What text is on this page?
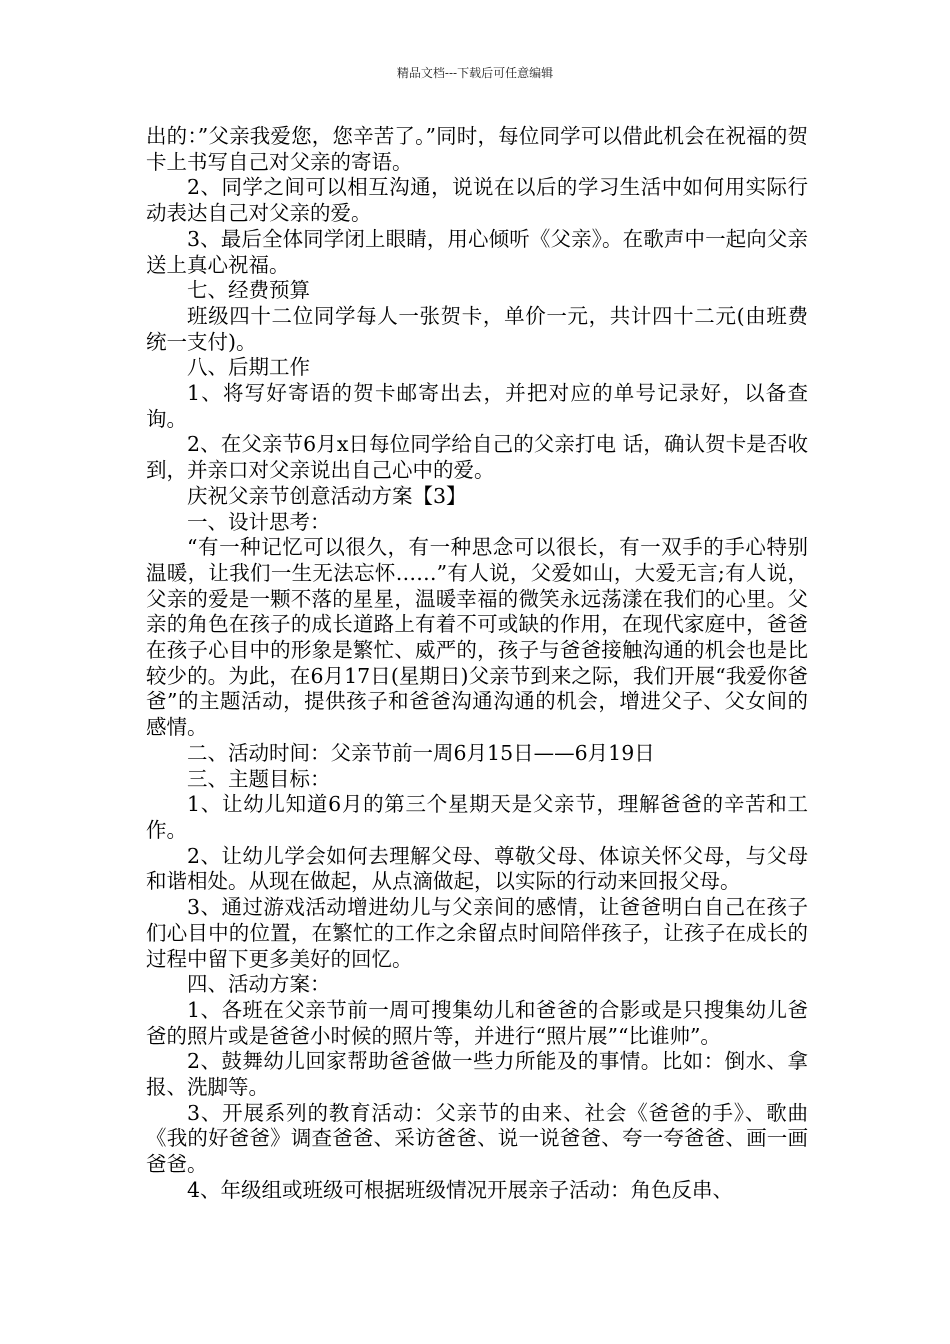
精品文档---下载后可任意编辑

出的：”父亲我爱您，您辛苦了。”同时，每位同学可以借此机会在祝福的贺卡上书写自己对父亲的寄语。

2、同学之间可以相互沟通，说说在以后的学习生活中如何用实际行动表达自己对父亲的爱。

3、最后全体同学闭上眼睛，用心倾听《父亲》。在歌声中一起向父亲送上真心祝福。

七、经费预算

班级四十二位同学每人一张贺卡，单价一元，共计四十二元(由班费统一支付)。

八、后期工作

1、将写好寄语的贺卡邮寄出去，并把对应的单号记录好，以备查询。

2、在父亲节6月x日每位同学给自己的父亲打电 话，确认贺卡是否收到，并亲口对父亲说出自己心中的爱。

庆祝父亲节创意活动方案【3】

一、设计思考：

“有一种记忆可以很久，有一种思念可以很长，有一双手的手心特别温暖，让我们一生无法忘怀……”有人说，父爱如山，大爱无言;有人说，父亲的爱是一颗不落的星星，温暖幸福的微笑永远荡漾在我们的心里。父亲的角色在孩子的成长道路上有着不可或缺的作用，在现代家庭中，爸爸在孩子心目中的形象是繁忙、威严的，孩子与爸爸接触沟通的机会也是比较少的。为此，在6月17日(星期日)父亲节到来之际，我们开展“我爱你爸爸”的主题活动，提供孩子和爸爸沟通沟通的机会，增进父子、父女间的感情。

二、活动时间：父亲节前一周6月15日——6月19日

三、主题目标：

1、让幼儿知道6月的第三个星期天是父亲节，理解爸爸的辛苦和工作。

2、让幼儿学会如何去理解父母、尊敬父母、体谅关怀父母，与父母和谐相处。从现在做起，从点滴做起，以实际的行动来回报父母。

3、通过游戏活动增进幼儿与父亲间的感情，让爸爸明白自己在孩子们心目中的位置，在繁忙的工作之余留点时间陪伴孩子，让孩子在成长的过程中留下更多美好的回忆。

四、活动方案：

1、各班在父亲节前一周可搜集幼儿和爸爸的合影或是只搜集幼儿爸爸的照片或是爸爸小时候的照片等，并进行“照片展”“比谁帅”。

2、鼓舞幼儿回家帮助爸爸做一些力所能及的事情。比如：倒水、拿报、洗脚等。

3、开展系列的教育活动：父亲节的由来、社会《爸爸的手》、歌曲《我的好爸爸》调查爸爸、采访爸爸、说一说爸爸、夸一夸爸爸、画一画爸爸。

4、年级组或班级可根据班级情况开展亲子活动：角色反串、
